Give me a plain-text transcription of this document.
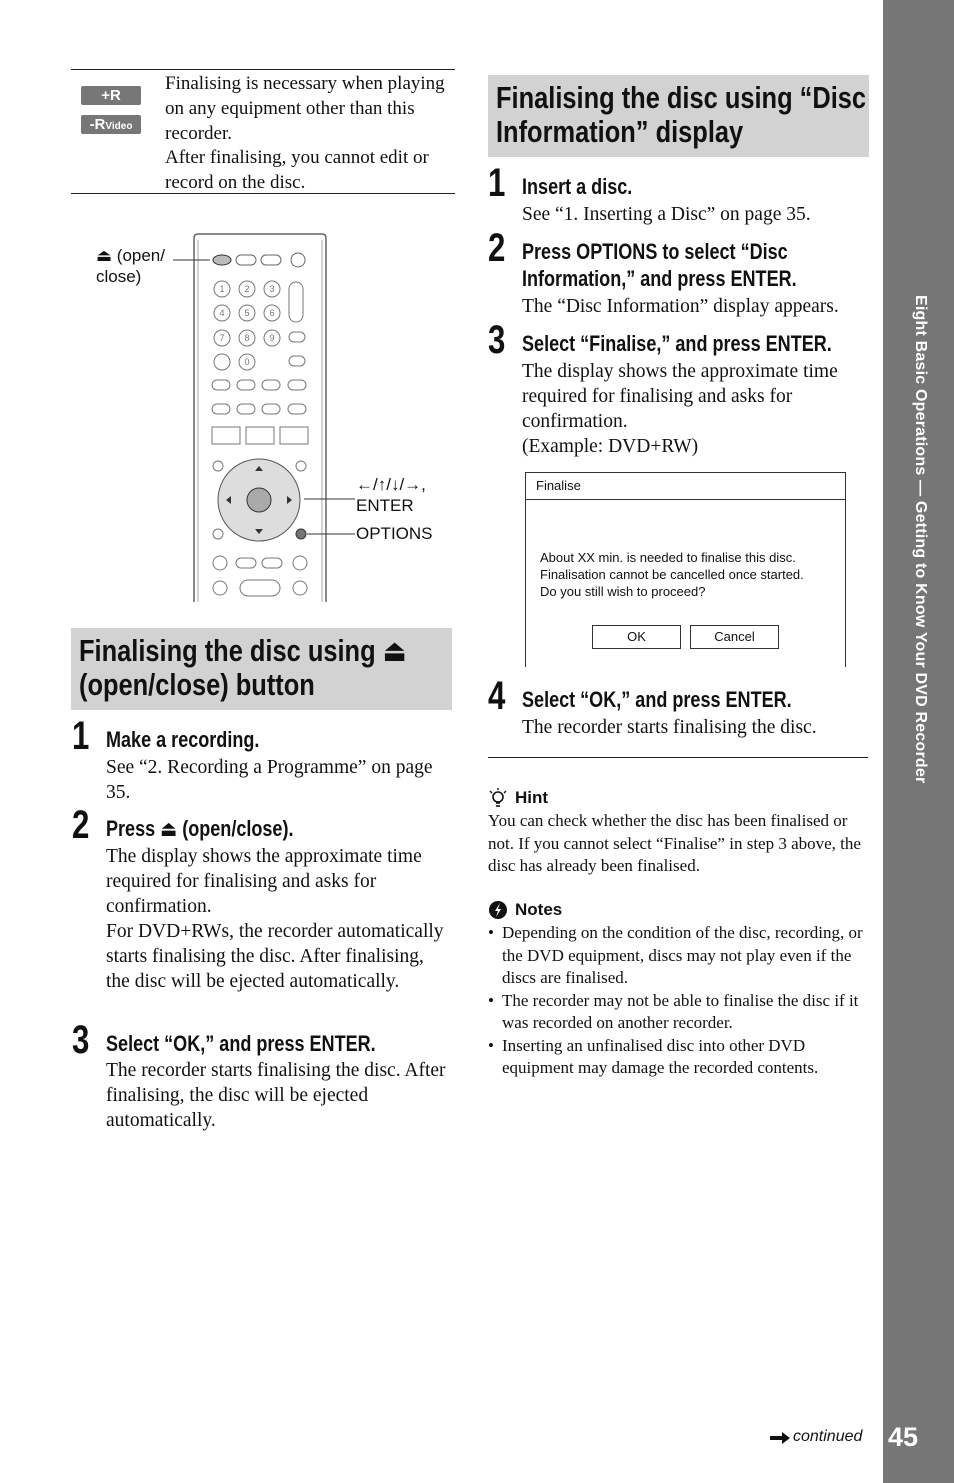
Eight Basic Operations — Getting to Know Your DVD Recorder
45
+R
-RVideo
Finalising is necessary when playing on any equipment other than this recorder.
After finalising, you cannot edit or record on the disc.
1 2 3
4 5 6
7 8 9
0
⏏ (open/ close)
←/↑/↓/→,
ENTER
OPTIONS
Finalising the disc using ⏏
(open/close) button
1 Make a recording.
See “2. Recording a Programme” on page 35.
2 Press ⏏ (open/close).
The display shows the approximate time required for finalising and asks for confirmation.
For DVD+RWs, the recorder automatically starts finalising the disc. After finalising, the disc will be ejected automatically.
3 Select “OK,” and press ENTER.
The recorder starts finalising the disc. After finalising, the disc will be ejected automatically.
Finalising the disc using “Disc
Information” display
1 Insert a disc.
See “1. Inserting a Disc” on page 35.
2 Press OPTIONS to select “Disc Information,” and press ENTER.
The “Disc Information” display appears.
3 Select “Finalise,” and press ENTER.
The display shows the approximate time required for finalising and asks for confirmation.
(Example: DVD+RW)
Finalise
About XX min. is needed to finalise this disc.
Finalisation cannot be cancelled once started.
Do you still wish to proceed?
OK	Cancel
4 Select “OK,” and press ENTER.
The recorder starts finalising the disc.
Hint
You can check whether the disc has been finalised or not. If you cannot select “Finalise” in step 3 above, the disc has already been finalised.
Notes
• Depending on the condition of the disc, recording, or the DVD equipment, discs may not play even if the discs are finalised.
• The recorder may not be able to finalise the disc if it was recorded on another recorder.
• Inserting an unfinalised disc into other DVD equipment may damage the recorded contents.
continued
